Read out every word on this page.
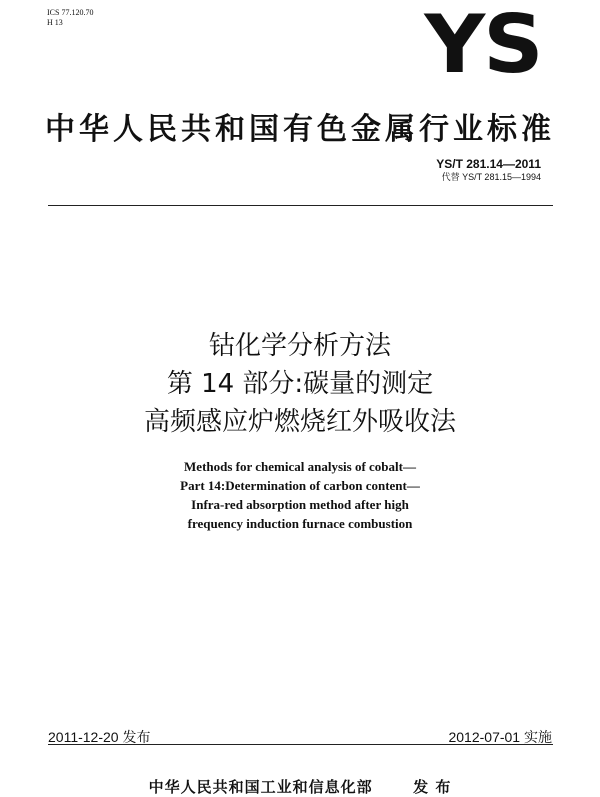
ICS 77.120.70
H 13	YS
中华人民共和国有色金属行业标准
YS/T 281.14—2011
代替 YS/T 281.15—1994
钴化学分析方法
第 14 部分:碳量的测定
高频感应炉燃烧红外吸收法
Methods for chemical analysis of cobalt—
Part 14:Determination of carbon content—
Infra-red absorption method after high
frequency induction furnace combustion
2011-12-20 发布	2012-07-01 实施
中华人民共和国工业和信息化部	发 布
